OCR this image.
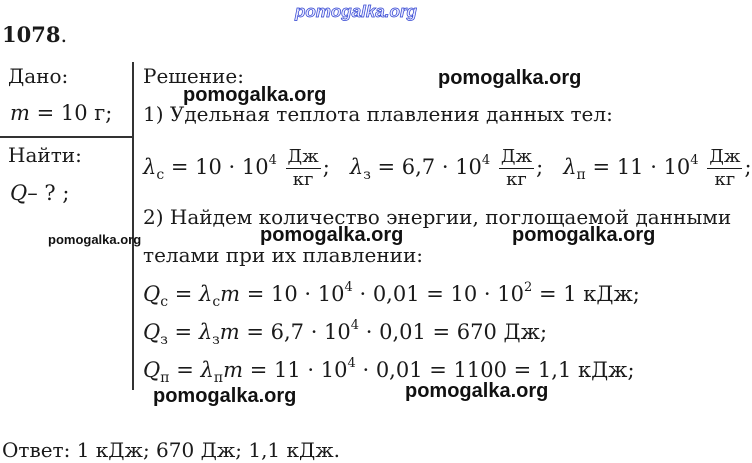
pomogalka.org
1078.
Дано:
m = 10 г;
Найти:
Q– ? ;
Решение:
1) Удельная теплота плавления данных тел:
$\lambda_с = 10 \cdot 10^4 \frac{Дж}{кг}$ ; $\lambda_з = 6,7 \cdot 10^4 \frac{Дж}{кг}$ ; $\lambda_п = 11 \cdot 10^4 \frac{Дж}{кг}$ ;
2) Найдем количество энергии, поглощаемой данными
телами при их плавлении:
$Q_с = \lambda_сm = 10 \cdot 10^4 \cdot 0,01 = 10 \cdot 10^2 = 1$ кДж;
$Q_з = \lambda_зm = 6,7 \cdot 10^4 \cdot 0,01 = 670$ Дж;
$Q_п = \lambda_пm = 11 \cdot 10^4 \cdot 0,01 = 1100 = 1,1$ кДж;
Ответ: 1 кДж; 670 Дж; 1,1 кДж.
pomogalka.org
pomogalka.org
pomogalka.org	pomogalka.org
pomogalka.org
pomogalka.org
pomogalka.org
